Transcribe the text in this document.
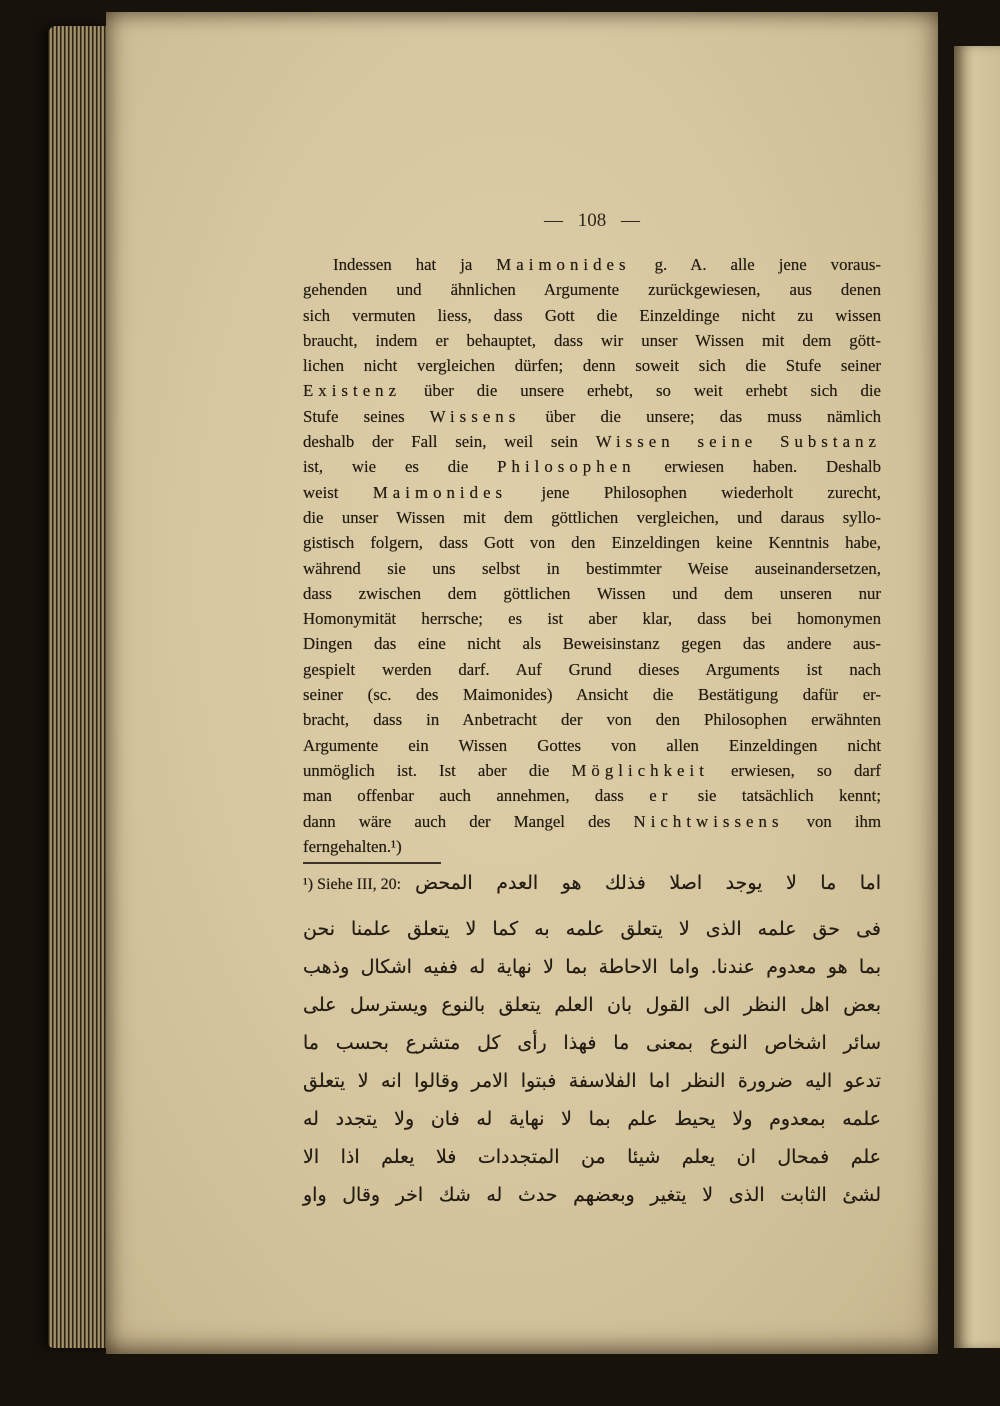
— 108 —
Indessen hat ja Maimonides g. A. alle jene voraus-
gehenden und ähnlichen Argumente zurückgewiesen, aus denen
sich vermuten liess, dass Gott die Einzeldinge nicht zu wissen
braucht, indem er behauptet, dass wir unser Wissen mit dem gött-
lichen nicht vergleichen dürfen; denn soweit sich die Stufe seiner
Existenz über die unsere erhebt, so weit erhebt sich die
Stufe seines Wissens über die unsere; das muss nämlich
deshalb der Fall sein, weil sein Wissen seine Substanz
ist, wie es die Philosophen erwiesen haben. Deshalb
weist Maimonides jene Philosophen wiederholt zurecht,
die unser Wissen mit dem göttlichen vergleichen, und daraus syllo-
gistisch folgern, dass Gott von den Einzeldingen keine Kenntnis habe,
während sie uns selbst in bestimmter Weise auseinandersetzen,
dass zwischen dem göttlichen Wissen und dem unseren nur
Homonymität herrsche; es ist aber klar, dass bei homonymen
Dingen das eine nicht als Beweisinstanz gegen das andere aus-
gespielt werden darf. Auf Grund dieses Arguments ist nach
seiner (sc. des Maimonides) Ansicht die Bestätigung dafür er-
bracht, dass in Anbetracht der von den Philosophen erwähnten
Argumente ein Wissen Gottes von allen Einzeldingen nicht
unmöglich ist. Ist aber die Möglichkeit erwiesen, so darf
man offenbar auch annehmen, dass er sie tatsächlich kennt;
dann wäre auch der Mangel des Nichtwissens von ihm
ferngehalten.¹)
¹) Siehe III, 20: اما ما لا يوجد اصلا فذلك هو العدم المحض
فى حق علمه الذى لا يتعلق علمه به كما لا يتعلق علمنا نحن
بما هو معدوم عندنا. واما الاحاطة بما لا نهاية له ففيه اشكال وذهب
بعض اهل النظر الى القول بان العلم يتعلق بالنوع ويسترسل على
سائر اشخاص النوع بمعنى ما فهذا رأى كل متشرع بحسب ما
تدعو اليه ضرورة النظر اما الفلاسفة فبتوا الامر وقالوا انه لا يتعلق
علمه بمعدوم ولا يحيط علم بما لا نهاية له فان ولا يتجدد له
علم فمحال ان يعلم شيئا من المتجددات فلا يعلم اذا الا
لشئ الثابت الذى لا يتغير وبعضهم حدث له شك اخر وقال واو
